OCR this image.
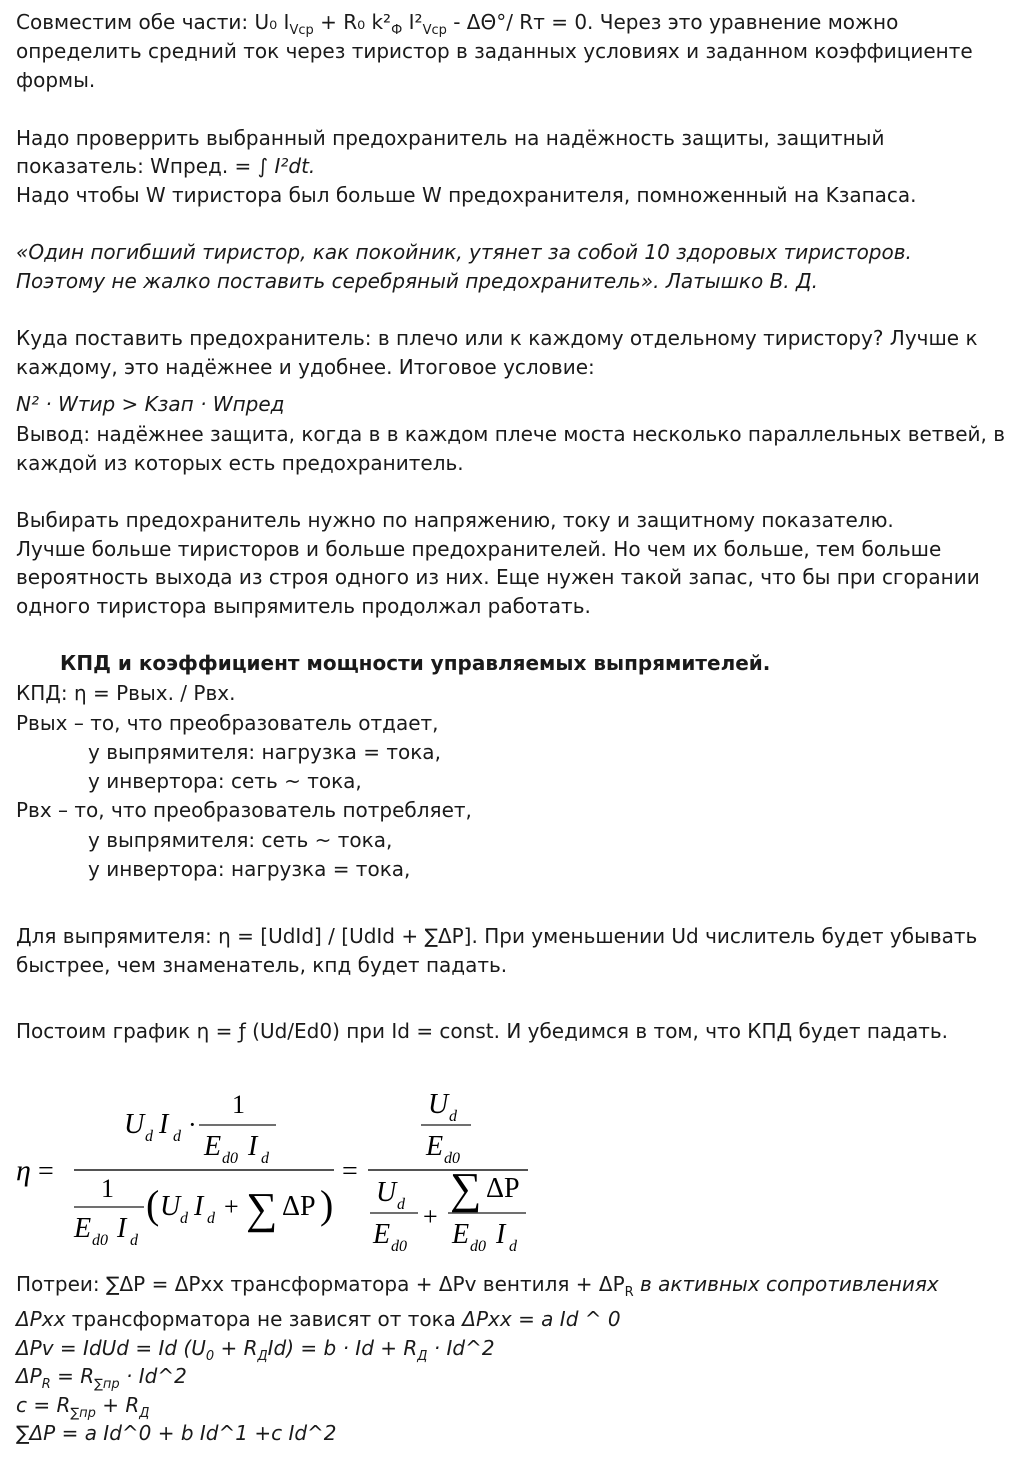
Совместим обе части: U₀ $I_{Vcp} + R_0$ $k^2_Ф$ $I^2_{Vcp} - \Delta\Theta^\circ/$ Rт = 0. Через это уравнение можно
определить средний ток через тиристор в заданных условиях и заданном коэффициенте
формы.
Надо проверрить выбранный предохранитель на надёжность защиты, защитный
показатель: Wпред. = ∫ I²dt.
Надо чтобы W тиристора был больше W предохранителя, помноженный на Kзапаса.
«Один погибший тиристор, как покойник, утянет за собой 10 здоровых тиристоров.
Поэтому не жалко поставить серебряный предохранитель». Латышко В. Д.
Куда поставить предохранитель: в плечо или к каждому отдельному тиристору? Лучше к
каждому, это надёжнее и удобнее. Итоговое условие:
N² · Wтир > Kзап · Wпред
Вывод: надёжнее защита, когда в в каждом плече моста несколько параллельных ветвей, в
каждой из которых есть предохранитель.
Выбирать предохранитель нужно по напряжению, току и защитному показателю.
Лучше больше тиристоров и больше предохранителей. Но чем их больше, тем больше
вероятность выхода из строя одного из них. Еще нужен такой запас, что бы при сгорании
одного тиристора выпрямитель продолжал работать.
КПД и коэффициент мощности управляемых выпрямителей.
КПД: η = Pвых. / Pвх.
Pвых – то, что преобразователь отдает,
у выпрямителя: нагрузка = тока,
у инвертора: сеть ~ тока,
Pвх – то, что преобразователь потребляет,
у выпрямителя: сеть ~ тока,
у инвертора: нагрузка = тока,
Для выпрямителя: η = [UdId] / [UdId + ∑ΔP]. При уменьшении Ud числитель будет убывать
быстрее, чем знаменатель, кпд будет падать.
Постоим график η = ƒ (Ud/Ed0) при Id = const. И убедимся в том, что КПД будет падать.
η =
U d I d ·
1
E d0 I d
1
E d0 I d
( U d I d + ∑ ΔP )
=
U d
E d0
U d
E d0
+
∑ ΔP
E d0 I d
Потреи: ∑ΔP = ΔPxx трансформатора + ΔPv вентиля + $\Delta P_R$ в активных сопротивлениях
ΔPxx трансформатора не зависят от тока ΔPxx = a Id ^ 0
ΔPv = IdUd = Id $(U_0 + R_ДId) = b \cdot Id + R_Д$ · Id^2
$\Delta P_R = R_{\sum пр}$ · Id^2
$c = R_{\sum пр} + R_Д$
∑ΔP = a Id^0 + b Id^1 +c Id^2
